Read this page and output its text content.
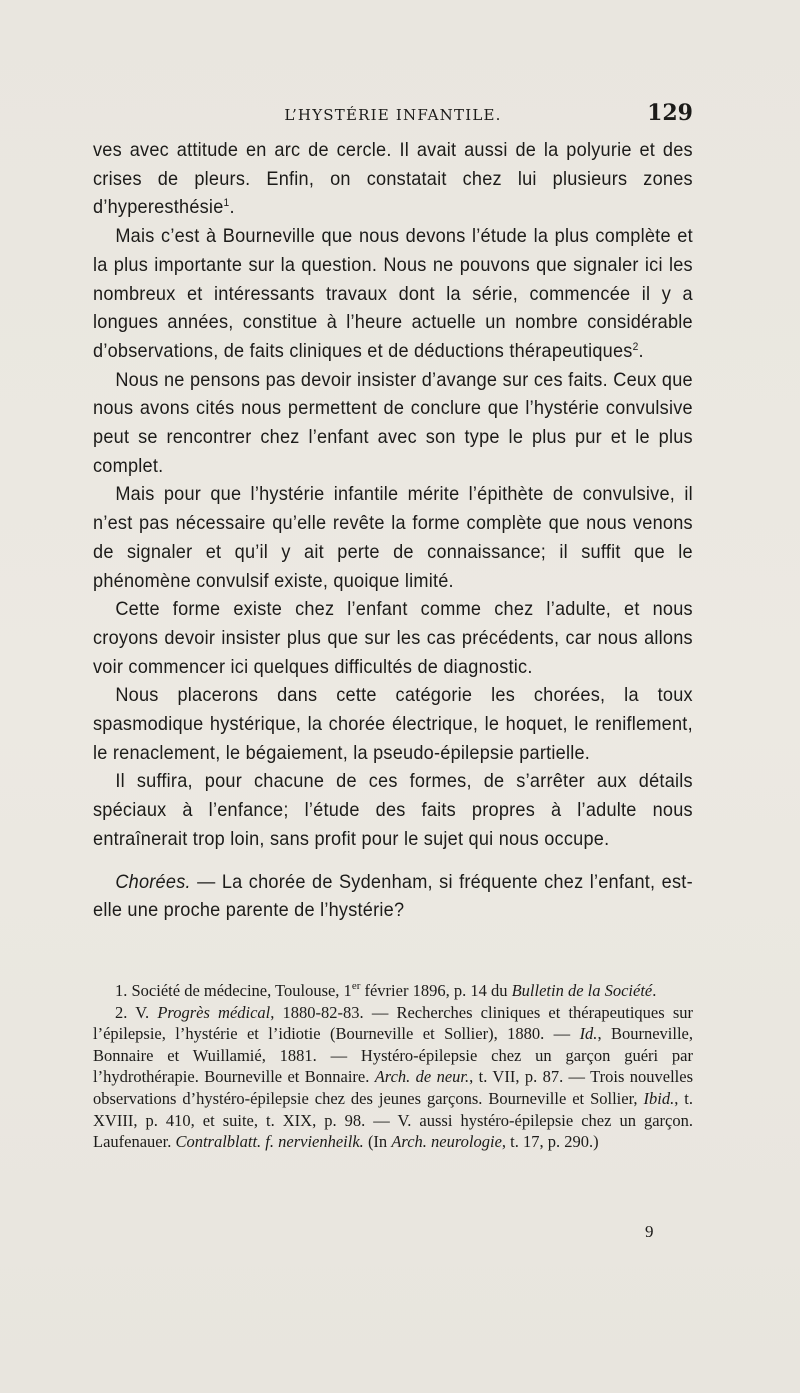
L’HYSTÉRIE INFANTILE.	129

ves avec attitude en arc de cercle. Il avait aussi de la polyurie et des crises de pleurs. Enfin, on constatait chez lui plusieurs zones d’hyperesthésie$^1$.

Mais c’est à Bourneville que nous devons l’étude la plus complète et la plus importante sur la question. Nous ne pouvons que signaler ici les nombreux et intéressants travaux dont la série, commencée il y a longues années, constitue à l’heure actuelle un nombre considérable d’observations, de faits cliniques et de déductions thérapeutiques$^2$.

Nous ne pensons pas devoir insister d’avange sur ces faits. Ceux que nous avons cités nous permettent de conclure que l’hystérie convulsive peut se rencontrer chez l’enfant avec son type le plus pur et le plus complet.

Mais pour que l’hystérie infantile mérite l’épithète de convulsive, il n’est pas nécessaire qu’elle revête la forme complète que nous venons de signaler et qu’il y ait perte de connaissance; il suffit que le phénomène convulsif existe, quoique limité.

Cette forme existe chez l’enfant comme chez l’adulte, et nous croyons devoir insister plus que sur les cas précédents, car nous allons voir commencer ici quelques difficultés de diagnostic.

Nous placerons dans cette catégorie les chorées, la toux spasmodique hystérique, la chorée électrique, le hoquet, le reniflement, le renaclement, le bégaiement, la pseudo-épilepsie partielle.

Il suffira, pour chacune de ces formes, de s’arrêter aux détails spéciaux à l’enfance; l’étude des faits propres à l’adulte nous entraînerait trop loin, sans profit pour le sujet qui nous occupe.

Chorées. — La chorée de Sydenham, si fréquente chez l’enfant, est-elle une proche parente de l’hystérie?

1. Société de médecine, Toulouse, 1er février 1896, p. 14 du Bulletin de la Société.

2. V. Progrès médical, 1880-82-83. — Recherches cliniques et thérapeutiques sur l’épilepsie, l’hystérie et l’idiotie (Bourneville et Sollier), 1880. — Id., Bourneville, Bonnaire et Wuillamié, 1881. — Hystéro-épilepsie chez un garçon guéri par l’hydrothérapie. Bourneville et Bonnaire. Arch. de neur., t. VII, p. 87. — Trois nouvelles observations d’hystéro-épilepsie chez des jeunes garçons. Bourneville et Sollier, Ibid., t. XVIII, p. 410, et suite, t. XIX, p. 98. — V. aussi hystéro-épilepsie chez un garçon. Laufenauer. Contralblatt. f. nervienheilk. (In Arch. neurologie, t. 17, p. 290.)

9
